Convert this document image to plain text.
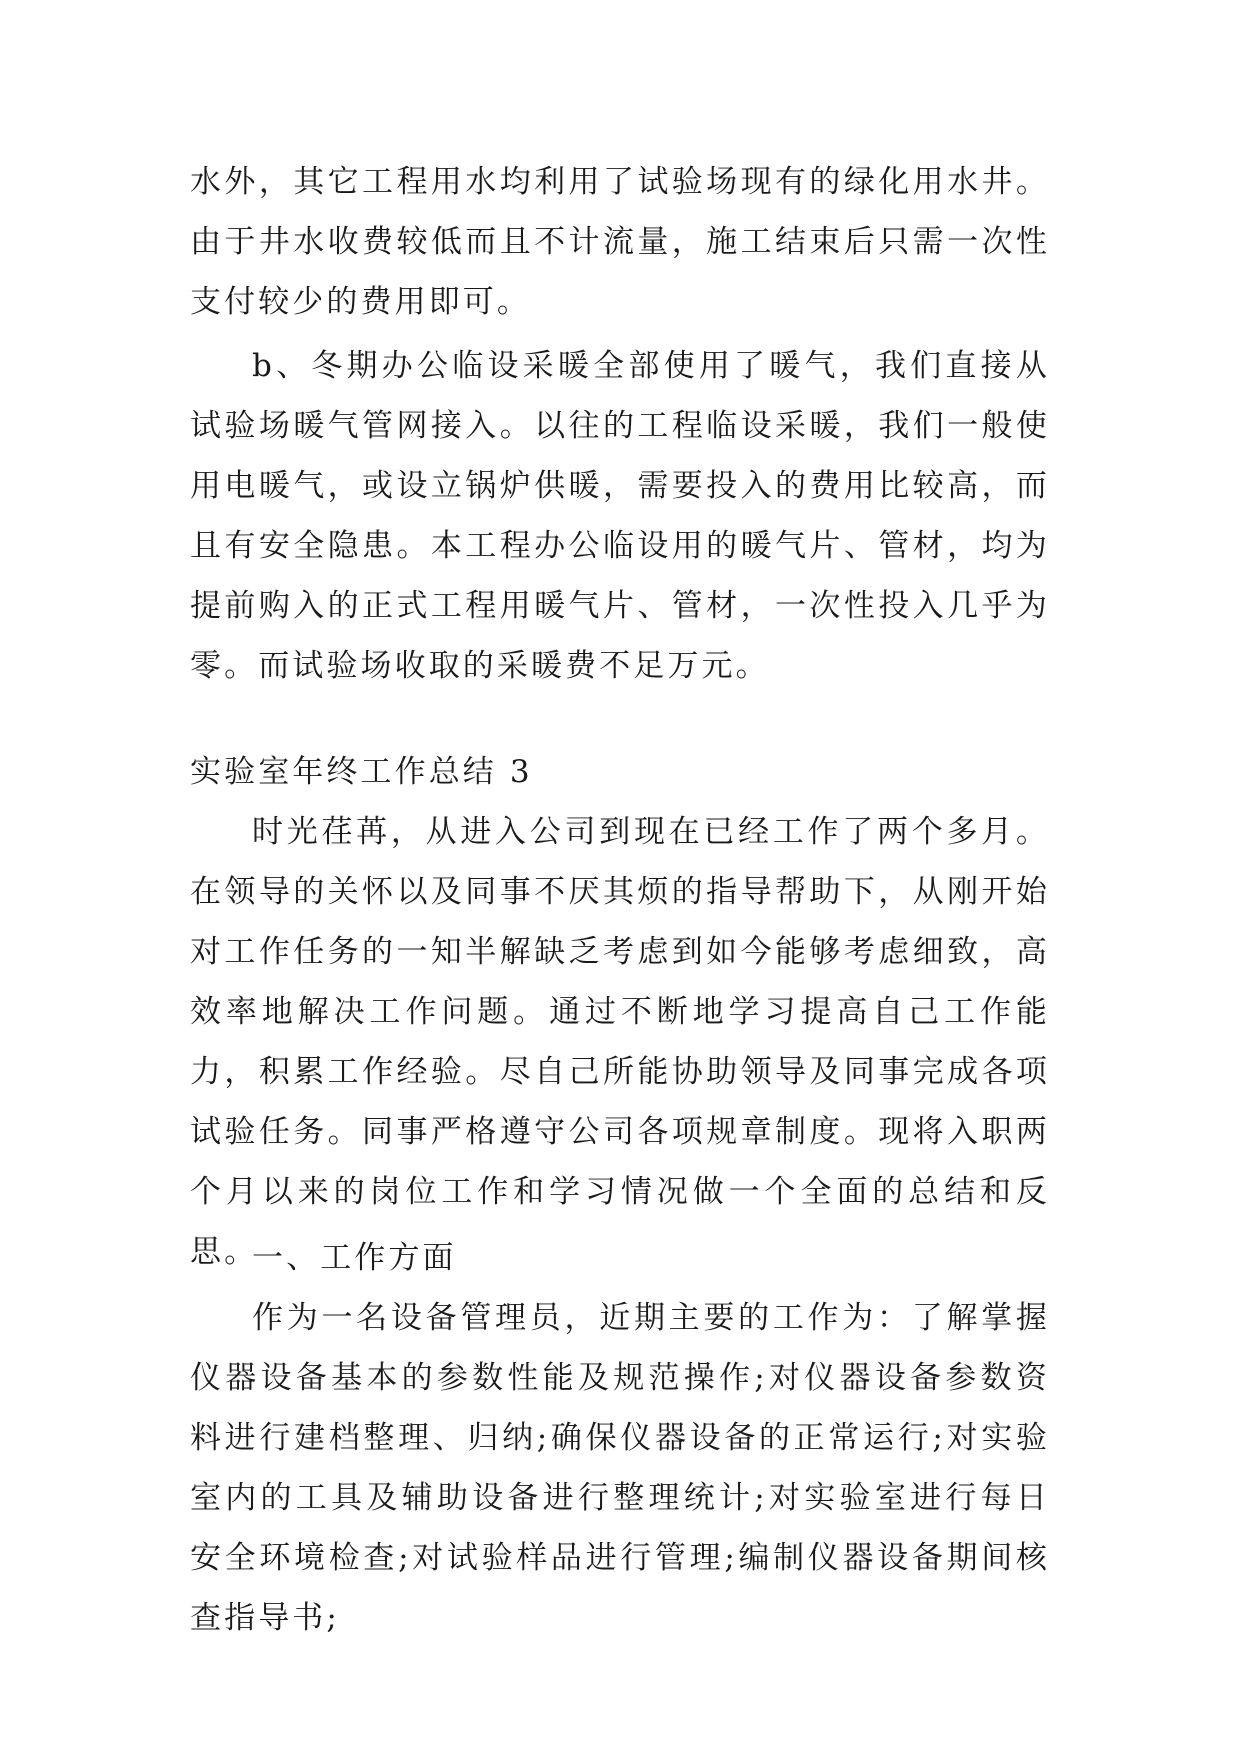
水外，其它工程用水均利用了试验场现有的绿化用水井。由于井水收费较低而且不计流量，施工结束后只需一次性支付较少的费用即可。

b、冬期办公临设采暖全部使用了暖气，我们直接从试验场暖气管网接入。以往的工程临设采暖，我们一般使用电暖气，或设立锅炉供暖，需要投入的费用比较高，而且有安全隐患。本工程办公临设用的暖气片、管材，均为提前购入的正式工程用暖气片、管材，一次性投入几乎为零。而试验场收取的采暖费不足万元。

实验室年终工作总结 3

时光荏苒，从进入公司到现在已经工作了两个多月。在领导的关怀以及同事不厌其烦的指导帮助下，从刚开始对工作任务的一知半解缺乏考虑到如今能够考虑细致，高效率地解决工作问题。通过不断地学习提高自己工作能力，积累工作经验。尽自己所能协助领导及同事完成各项试验任务。同事严格遵守公司各项规章制度。现将入职两个月以来的岗位工作和学习情况做一个全面的总结和反思。

一、工作方面

作为一名设备管理员，近期主要的工作为：了解掌握仪器设备基本的参数性能及规范操作;对仪器设备参数资料进行建档整理、归纳;确保仪器设备的正常运行;对实验室内的工具及辅助设备进行整理统计;对实验室进行每日安全环境检查;对试验样品进行管理;编制仪器设备期间核查指导书;
